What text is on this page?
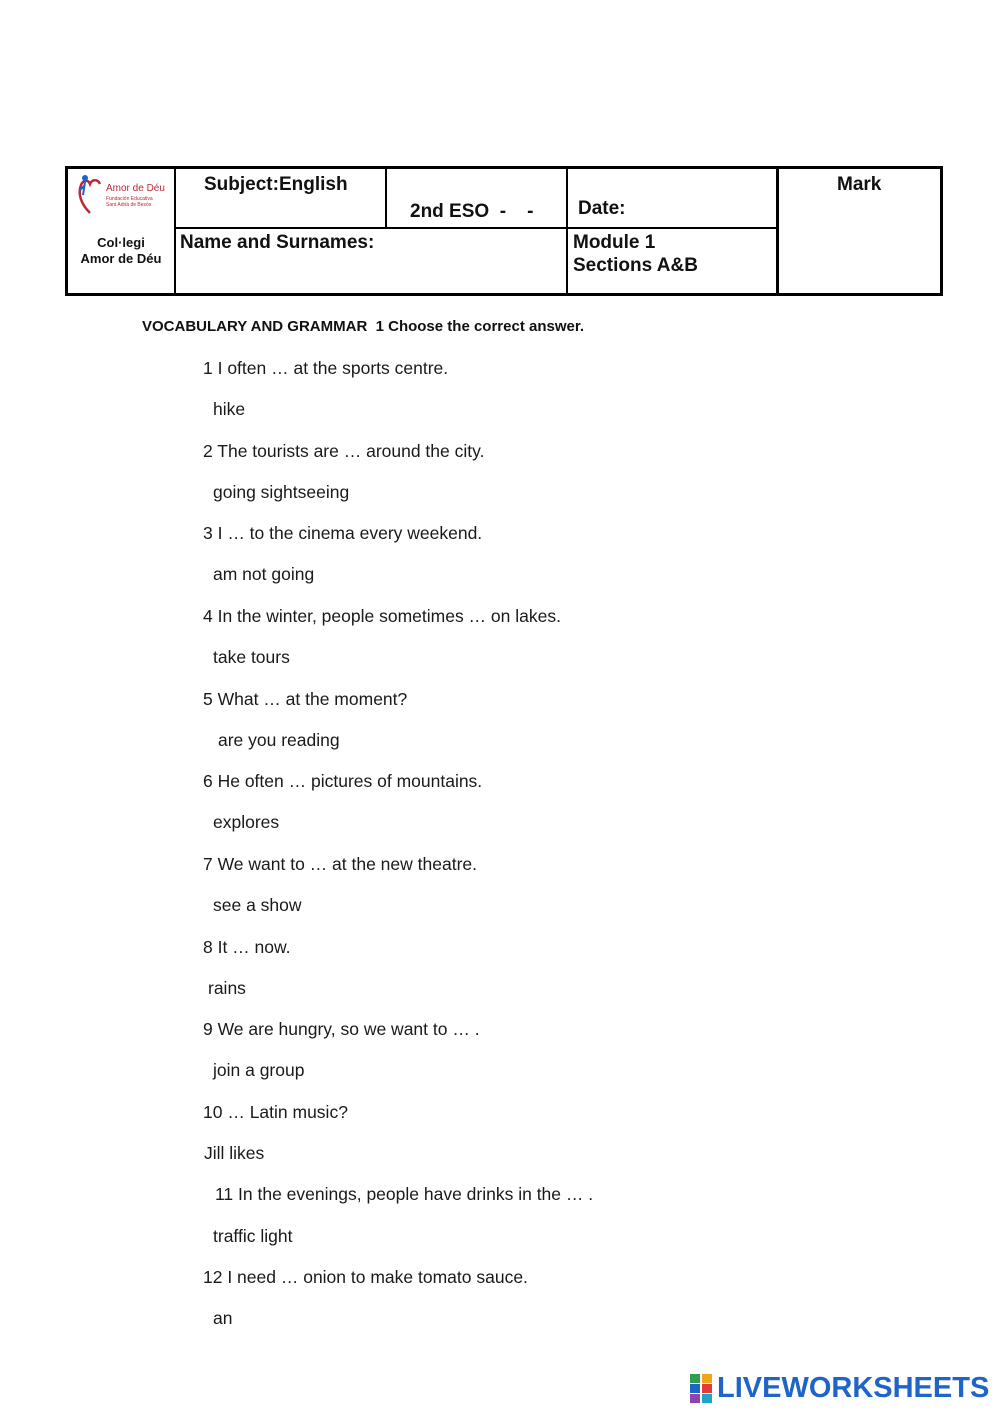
Amor de Déu
Fundación Educativa
Sant Adrià de Besòs
Col·legi
Amor de Déu
Subject:English
2nd ESO  -    - Date:
Mark
Name and Surnames:	Module 1
Sections A&B
VOCABULARY AND GRAMMAR  1 Choose the correct answer.
1 I often … at the sports centre.
hike
2 The tourists are … around the city.
going sightseeing
3 I … to the cinema every weekend.
am not going
4 In the winter, people sometimes … on lakes.
take tours
5 What … at the moment?
are you reading
6 He often … pictures of mountains.
explores
7 We want to … at the new theatre.
see a show
8 It … now.
rains
9 We are hungry, so we want to … .
join a group
10 … Latin music?
Jill likes
11 In the evenings, people have drinks in the … .
traffic light
12 I need … onion to make tomato sauce.
an
LIVEWORKSHEETS
